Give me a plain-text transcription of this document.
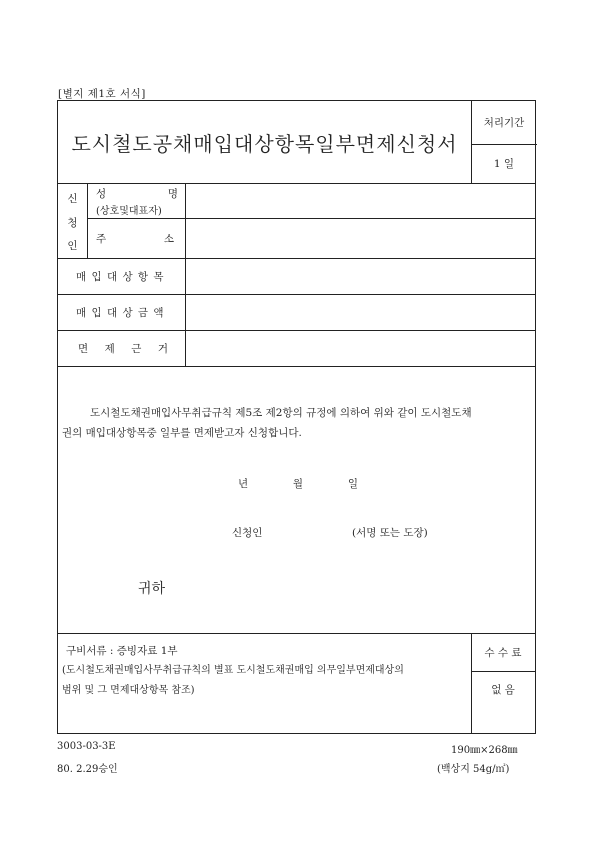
[별지 제1호 서식]
도시철도공채매입대상항목일부면제신청서
처리기간
1 일
신
청
인
성	명
(상호및대표자)
주	소
매 입 대 상 항 목
매 입 대 상 금 액
면 제 근 거
도시철도채권매입사무취급규칙 제5조 제2항의 규정에 의하여 위와 같이 도시철도채
권의 매입대상항목중 일부를 면제받고자 신청합니다.
년	월	일
신청인	(서명 또는 도장)
귀하
구비서류 : 증빙자료 1부
(도시철도채권매입사무취급규칙의 별표 도시철도채권매입 의무일부면제대상의
범위 및 그 면제대상항목 참조)
수 수 료
없 음
3003-03-3E
80. 2.29승인
190㎜×268㎜
(백상지 54g/㎡)
